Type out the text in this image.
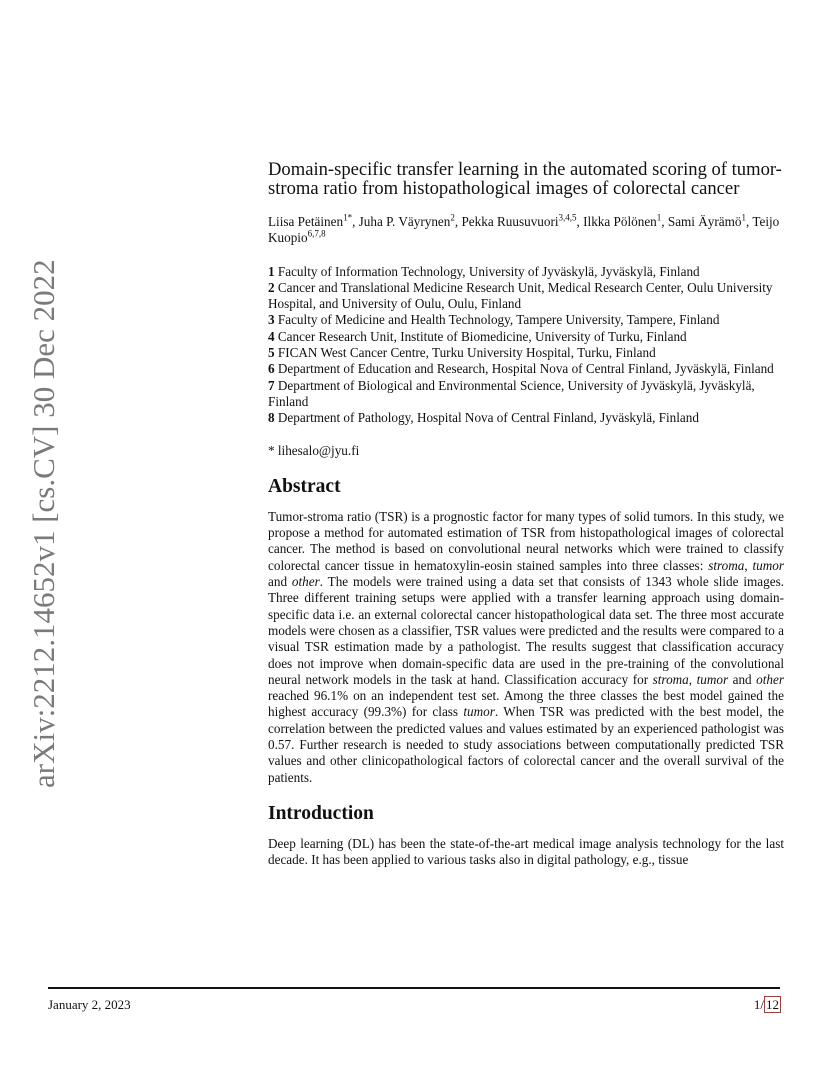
arXiv:2212.14652v1 [cs.CV] 30 Dec 2022
Domain-specific transfer learning in the automated scoring of tumor-stroma ratio from histopathological images of colorectal cancer
Liisa Petäinen$^{1*}$, Juha P. Väyrynen$^2$, Pekka Ruusuvuori$^{3,4,5}$, Ilkka Pölönen$^1$, Sami Äyrämö$^1$, Teijo Kuopio$^{6,7,8}$
1 Faculty of Information Technology, University of Jyväskylä, Jyväskylä, Finland
2 Cancer and Translational Medicine Research Unit, Medical Research Center, Oulu University Hospital, and University of Oulu, Oulu, Finland
3 Faculty of Medicine and Health Technology, Tampere University, Tampere, Finland
4 Cancer Research Unit, Institute of Biomedicine, University of Turku, Finland
5 FICAN West Cancer Centre, Turku University Hospital, Turku, Finland
6 Department of Education and Research, Hospital Nova of Central Finland, Jyväskylä, Finland
7 Department of Biological and Environmental Science, University of Jyväskylä, Jyväskylä, Finland
8 Department of Pathology, Hospital Nova of Central Finland, Jyväskylä, Finland
* lihesalo@jyu.fi
Abstract
Tumor-stroma ratio (TSR) is a prognostic factor for many types of solid tumors. In this study, we propose a method for automated estimation of TSR from histopathological images of colorectal cancer. The method is based on convolutional neural networks which were trained to classify colorectal cancer tissue in hematoxylin-eosin stained samples into three classes: stroma, tumor and other. The models were trained using a data set that consists of 1343 whole slide images. Three different training setups were applied with a transfer learning approach using domain-specific data i.e. an external colorectal cancer histopathological data set. The three most accurate models were chosen as a classifier, TSR values were predicted and the results were compared to a visual TSR estimation made by a pathologist. The results suggest that classification accuracy does not improve when domain-specific data are used in the pre-training of the convolutional neural network models in the task at hand. Classification accuracy for stroma, tumor and other reached 96.1% on an independent test set. Among the three classes the best model gained the highest accuracy (99.3%) for class tumor. When TSR was predicted with the best model, the correlation between the predicted values and values estimated by an experienced pathologist was 0.57. Further research is needed to study associations between computationally predicted TSR values and other clinicopathological factors of colorectal cancer and the overall survival of the patients.
Introduction
Deep learning (DL) has been the state-of-the-art medical image analysis technology for the last decade. It has been applied to various tasks also in digital pathology, e.g., tissue
January 2, 2023	1/ 12
